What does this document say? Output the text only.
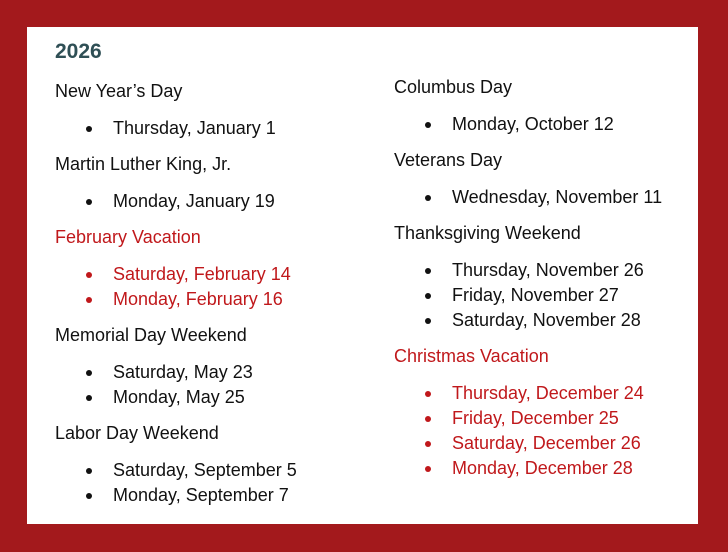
2026
New Year’s Day
Thursday, January 1
Martin Luther King, Jr.
Monday, January 19
February Vacation
Saturday, February 14
Monday, February 16
Memorial Day Weekend
Saturday, May 23
Monday, May 25
Labor Day Weekend
Saturday, September 5
Monday, September 7
Columbus Day
Monday, October 12
Veterans Day
Wednesday, November 11
Thanksgiving Weekend
Thursday, November 26
Friday, November 27
Saturday, November 28
Christmas Vacation
Thursday, December 24
Friday, December 25
Saturday, December 26
Monday, December 28
